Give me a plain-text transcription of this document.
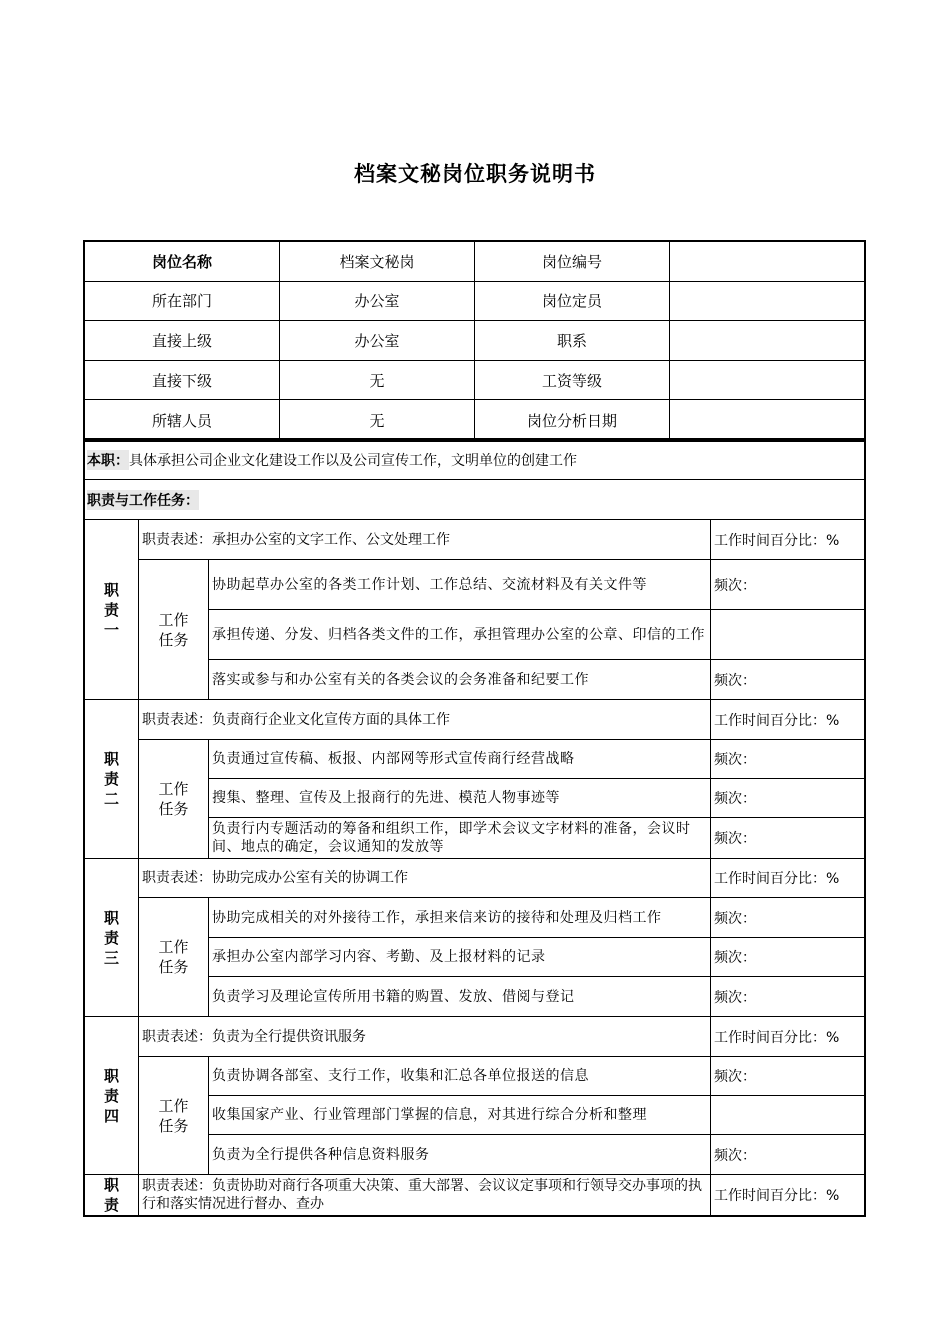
档案文秘岗位职务说明书
岗位名称	档案文秘岗	岗位编号
所在部门	办公室	岗位定员
直接上级	办公室	职系
直接下级	无	工资等级
所辖人员	无	岗位分析日期
本职： 具体承担公司企业文化建设工作以及公司宣传工作，文明单位的创建工作
职责与工作任务：
职责一
职责表述：承担办公室的文字工作、公文处理工作	工作时间百分比：%
工作任务
协助起草办公室的各类工作计划、工作总结、交流材料及有关文件等	频次：
承担传递、分发、归档各类文件的工作，承担管理办公室的公章、印信的工作
落实或参与和办公室有关的各类会议的会务准备和纪要工作	频次：
职责二
职责表述：负责商行企业文化宣传方面的具体工作	工作时间百分比：%
工作任务
负责通过宣传稿、板报、内部网等形式宣传商行经营战略	频次：
搜集、整理、宣传及上报商行的先进、模范人物事迹等	频次：
负责行内专题活动的筹备和组织工作，即学术会议文字材料的准备，会议时间、地点的确定，会议通知的发放等	频次：
职责三
职责表述：协助完成办公室有关的协调工作	工作时间百分比：%
工作任务
协助完成相关的对外接待工作，承担来信来访的接待和处理及归档工作	频次：
承担办公室内部学习内容、考勤、及上报材料的记录	频次：
负责学习及理论宣传所用书籍的购置、发放、借阅与登记	频次：
职责四
职责表述：负责为全行提供资讯服务	工作时间百分比：%
工作任务
负责协调各部室、支行工作，收集和汇总各单位报送的信息	频次：
收集国家产业、行业管理部门掌握的信息，对其进行综合分析和整理
负责为全行提供各种信息资料服务	频次：
职责
职责表述：负责协助对商行各项重大决策、重大部署、会议议定事项和行领导交办事项的执行和落实情况进行督办、查办	工作时间百分比：%
